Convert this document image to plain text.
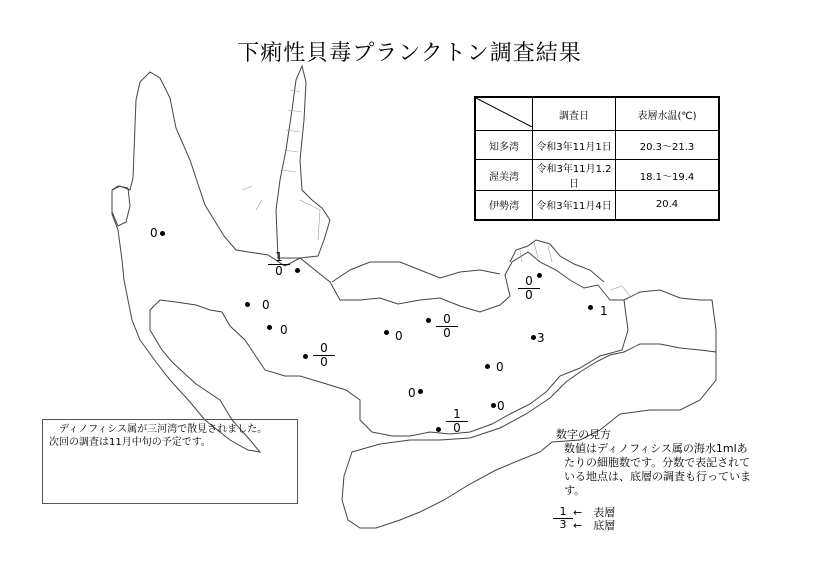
下痢性貝毒プランクトン調査結果
	調査日	表層水温(℃)
知多湾	令和3年11月1日	20.3～21.3
渥美湾	令和3年11月1.2日	18.1～19.4
伊勢湾	令和3年11月4日	20.4
0
0
0	0
1
3
0
0
0
$\frac{1}{0}$
$\frac{0}{0}$
$\frac{0}{0}$
$\frac{0}{0}$
$\frac{1}{0}$
ディノフィシス属が三河湾で散見されました。
次回の調査は11月中旬の予定です。
数字の見方
数値はディノフィシス属の海水1mlあたりの細胞数です。分数で表記されている地点は、底層の調査も行っています。
1 ←　表層
3 ←　底層
